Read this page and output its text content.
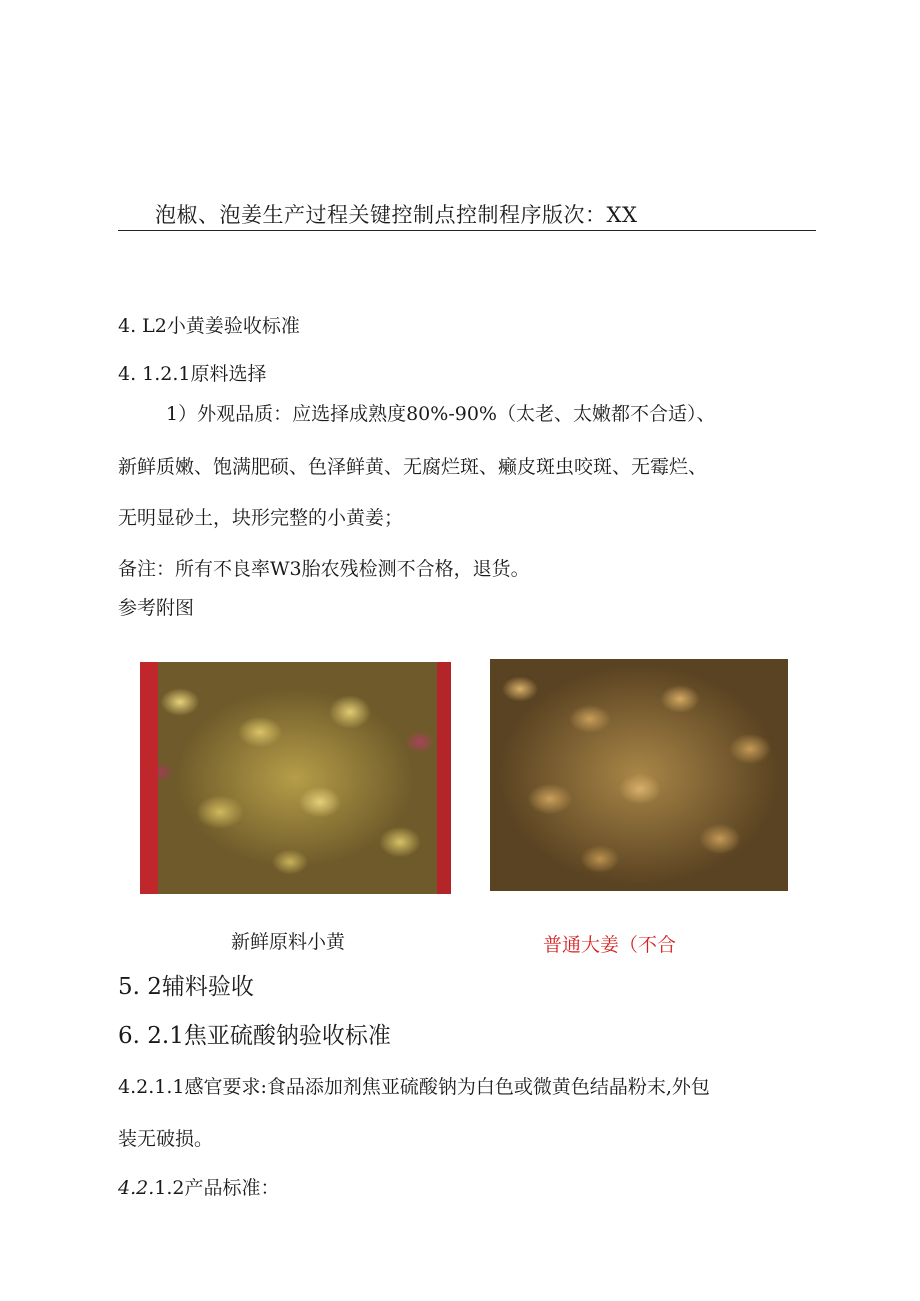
泡椒、泡姜生产过程关键控制点控制程序版次：XX
4. L2小黄姜验收标准
4. 1.2.1原料选择
1）外观品质：应选择成熟度80%-90%（太老、太嫩都不合适）、
新鲜质嫩、饱满肥硕、色泽鲜黄、无腐烂斑、癞皮斑虫咬斑、无霉烂、
无明显砂土，块形完整的小黄姜；
备注：所有不良率W3胎农残检测不合格，退货。
参考附图
新鲜原料小黄	普通大姜（不合
5. 2辅料验收
6. 2.1焦亚硫酸钠验收标准
4.2.1.1感官要求:食品添加剂焦亚硫酸钠为白色或微黄色结晶粉末,外包
装无破损。
4.2.1.2产品标准：
